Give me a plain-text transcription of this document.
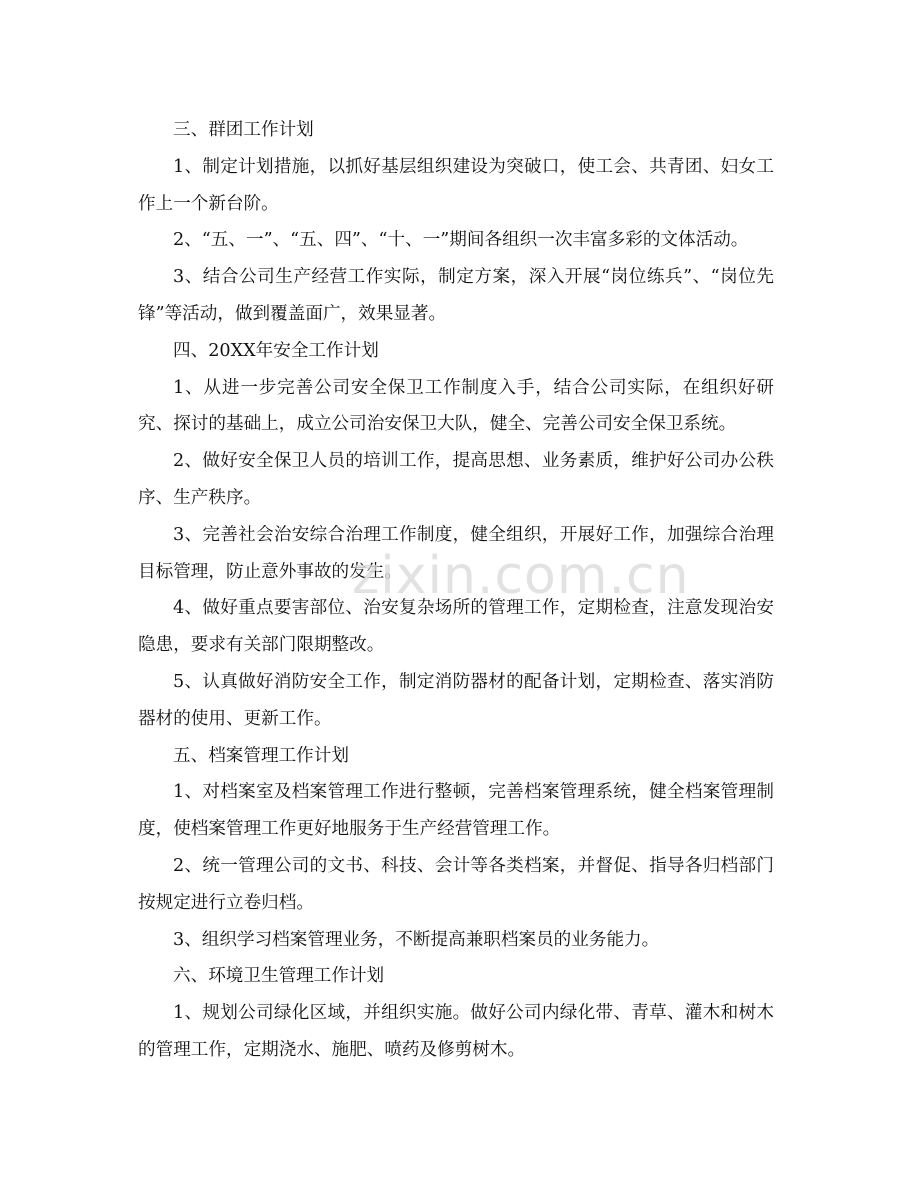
三、群团工作计划

1、制定计划措施，以抓好基层组织建设为突破口，使工会、共青团、妇女工作上一个新台阶。

2、“五、一”、“五、四”、“十、一”期间各组织一次丰富多彩的文体活动。

3、结合公司生产经营工作实际，制定方案，深入开展“岗位练兵”、“岗位先锋”等活动，做到覆盖面广，效果显著。

四、20XX年安全工作计划

1、从进一步完善公司安全保卫工作制度入手，结合公司实际，在组织好研究、探讨的基础上，成立公司治安保卫大队，健全、完善公司安全保卫系统。

2、做好安全保卫人员的培训工作，提高思想、业务素质，维护好公司办公秩序、生产秩序。

3、完善社会治安综合治理工作制度，健全组织，开展好工作，加强综合治理目标管理，防止意外事故的发生。

4、做好重点要害部位、治安复杂场所的管理工作，定期检查，注意发现治安隐患，要求有关部门限期整改。

5、认真做好消防安全工作，制定消防器材的配备计划，定期检查、落实消防器材的使用、更新工作。

五、档案管理工作计划

1、对档案室及档案管理工作进行整顿，完善档案管理系统，健全档案管理制度，使档案管理工作更好地服务于生产经营管理工作。

2、统一管理公司的文书、科技、会计等各类档案，并督促、指导各归档部门按规定进行立卷归档。

3、组织学习档案管理业务，不断提高兼职档案员的业务能力。

六、环境卫生管理工作计划

1、规划公司绿化区域，并组织实施。做好公司内绿化带、青草、灌木和树木的管理工作，定期浇水、施肥、喷药及修剪树木。

zixin.com.cn
